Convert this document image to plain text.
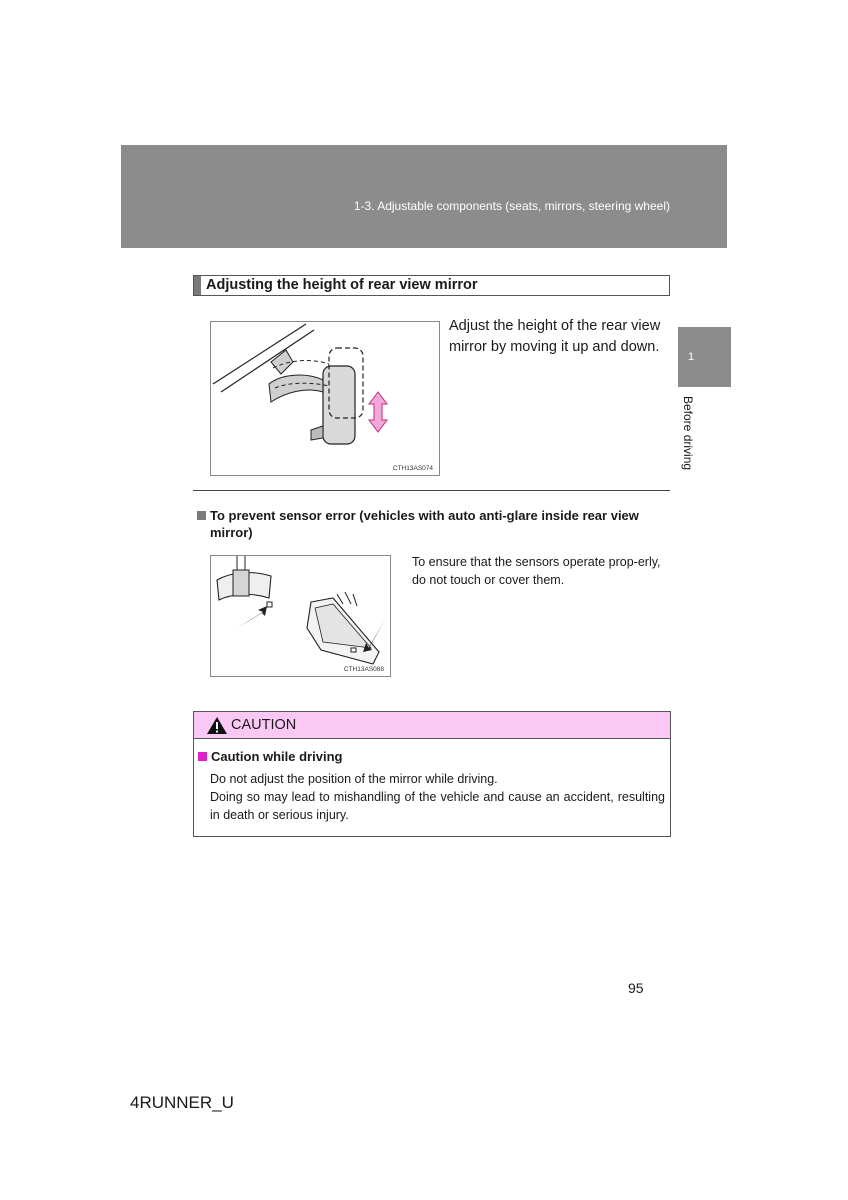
1-3. Adjustable components (seats, mirrors, steering wheel)
1
Before driving
Adjusting the height of rear view mirror
CTH13AS074
Adjust the height of the rear view mirror by moving it up and down.
To prevent sensor error (vehicles with auto anti-glare inside rear view
mirror)
CTH13AS088
To ensure that the sensors operate prop-erly, do not touch or cover them.
CAUTION
Caution while driving
Do not adjust the position of the mirror while driving.
Doing so may lead to mishandling of the vehicle and cause an accident, resulting in death or serious injury.
95
4RUNNER_U
